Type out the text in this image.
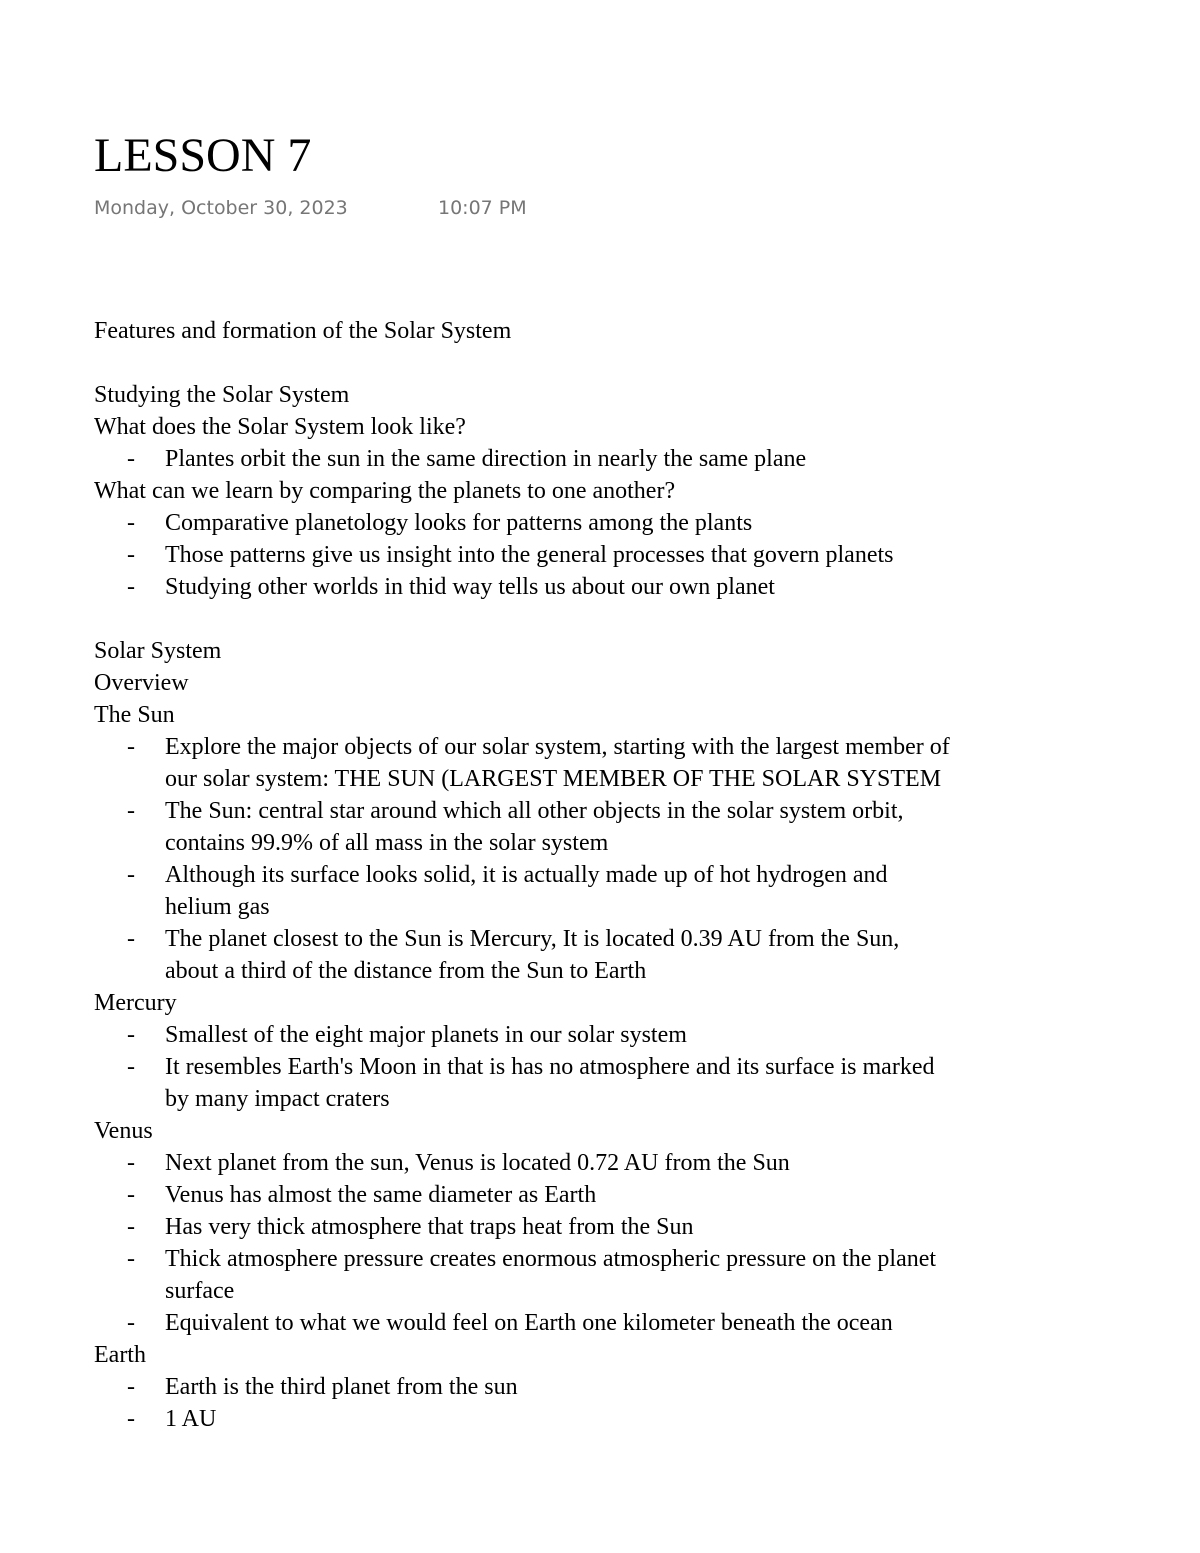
LESSON 7
Monday, October 30, 2023	10:07 PM
Features and formation of the Solar System
Studying the Solar System
What does the Solar System look like?
- Plantes orbit the sun in the same direction in nearly the same plane
What can we learn by comparing the planets to one another?
- Comparative planetology looks for patterns among the plants
- Those patterns give us insight into the general processes that govern planets
- Studying other worlds in thid way tells us about our own planet
Solar System
Overview
The Sun
- Explore the major objects of our solar system, starting with the largest member of
our solar system: THE SUN (LARGEST MEMBER OF THE SOLAR SYSTEM
- The Sun: central star around which all other objects in the solar system orbit,
contains 99.9% of all mass in the solar system
- Although its surface looks solid, it is actually made up of hot hydrogen and
helium gas
- The planet closest to the Sun is Mercury, It is located 0.39 AU from the Sun,
about a third of the distance from the Sun to Earth
Mercury
- Smallest of the eight major planets in our solar system
- It resembles Earth's Moon in that is has no atmosphere and its surface is marked
by many impact craters
Venus
- Next planet from the sun, Venus is located 0.72 AU from the Sun
- Venus has almost the same diameter as Earth
- Has very thick atmosphere that traps heat from the Sun
- Thick atmosphere pressure creates enormous atmospheric pressure on the planet
surface
- Equivalent to what we would feel on Earth one kilometer beneath the ocean
Earth
- Earth is the third planet from the sun
- 1 AU
